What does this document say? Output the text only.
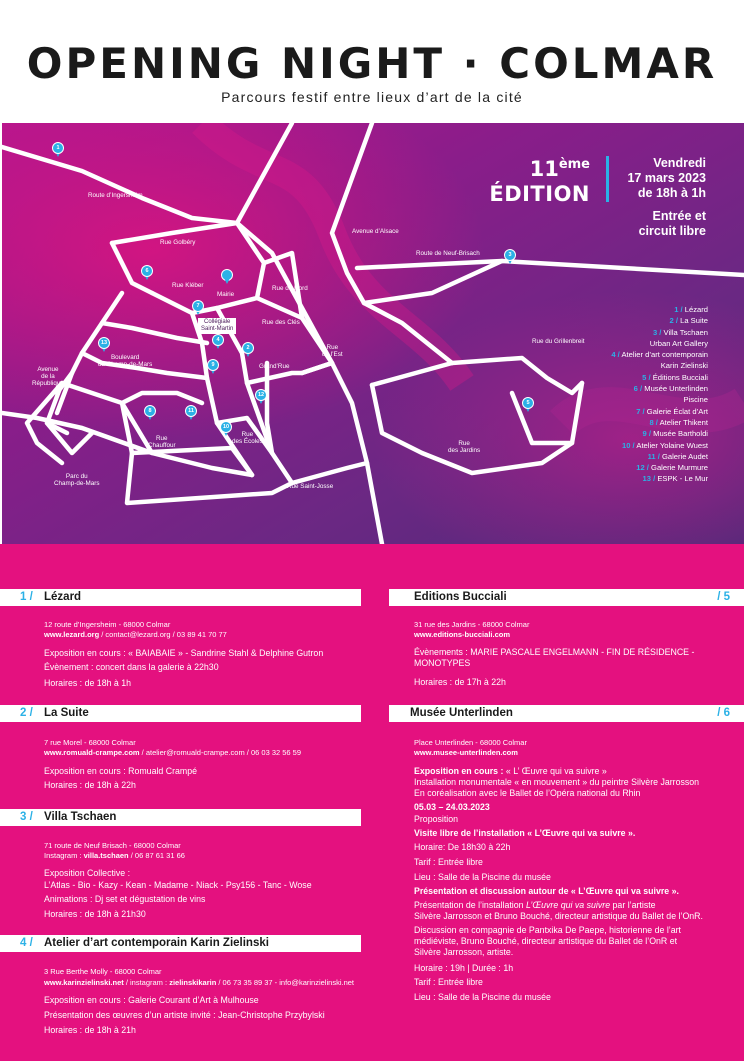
OPENING NIGHT · COLMAR
Parcours festif entre lieux d’art de la cité
11ème
ÉDITION
Vendredi
17 mars 2023
de 18h à 1h
Entrée et
circuit libre
1 / Lézard
2 / La Suite
3 / Villa Tschaen
Urban Art Gallery
4 / Atelier d’art contemporain
Karin Zielinski
5 / Éditions Bucciali
6 / Musée Unterlinden
Piscine
7 / Galerie Éclat d’Art
8 / Atelier Thikent
9 / Musée Bartholdi
10 / Atelier Yolaine Wuest
11 / Galerie Audet
12 / Galerie Murmure
13 / ESPK - Le Mur
Route d’Ingersheim
Rue Golbéry
Avenue d’Alsace
Route de Neuf-Brisach
Rue Kléber	Rue du Nord
Rue des Clés
Rue
de l’Est
Grand’Rue
Rue du Grillenbreit
Boulevard
du Champ-de-Mars
Avenue
de la
République
Rue
Chauffour
Rue
des Écoles
Rue Saint-Josse
Rue
des Jardins
Parc du
Champ-de-Mars
Mairie
Collégiale
Saint-Martin
1
2
3
4
5
6
7
8
9
10
11
12
13
1 / Lézard
12 route d’Ingersheim - 68000 Colmar
www.lezard.org / contact@lezard.org / 03 89 41 70 77
Exposition en cours : « BAIABAIE » - Sandrine Stahl & Delphine Gutron
Évènement : concert dans la galerie à 22h30
Horaires : de 18h à 1h
2 / La Suite
7 rue Morel - 68000 Colmar
www.romuald-crampe.com / atelier@romuald-crampe.com / 06 03 32 56 59
Exposition en cours : Romuald Crampé
Horaires : de 18h à 22h
3 / Villa Tschaen
71 route de Neuf Brisach - 68000 Colmar
Instagram : villa.tschaen / 06 87 61 31 66
Exposition Collective :
L’Atlas - Bio - Kazy - Kean - Madame - Niack - Psy156 - Tanc - Wose
Animations : Dj set et dégustation de vins
Horaires : de 18h à 21h30
4 / Atelier d’art contemporain Karin Zielinski
3 Rue Berthe Molly - 68000 Colmar
www.karinzielinski.net / instagram : zielinskikarin / 06 73 35 89 37 - info@karinzielinski.net
Exposition en cours : Galerie Courant d’Art à Mulhouse
Présentation des œuvres d’un artiste invité : Jean-Christophe Przybylski
Horaires : de 18h à 21h
Editions Bucciali	/ 5
31 rue des Jardins - 68000 Colmar
www.editions-bucciali.com
Évènements : MARIE PASCALE ENGELMANN - FIN DE RÉSIDENCE -
MONOTYPES
Horaires : de 17h à 22h
Musée Unterlinden	/ 6
Place Unterlinden - 68000 Colmar
www.musee-unterlinden.com
Exposition en cours : « L’ Œuvre qui va suivre »
Installation monumentale « en mouvement » du peintre Silvère Jarrosson
En coréalisation avec le Ballet de l’Opéra national du Rhin
05.03 – 24.03.2023
Proposition
Visite libre de l’installation « L’Œuvre qui va suivre ».
Horaire: De 18h30 à 22h
Tarif : Entrée libre
Lieu : Salle de la Piscine du musée
Présentation et discussion autour de « L’Œuvre qui va suivre ».
Présentation de l’installation L’Œuvre qui va suivre par l’artiste
Silvère Jarrosson et Bruno Bouché, directeur artistique du Ballet de l’OnR.
Discussion en compagnie de Pantxika De Paepe, historienne de l’art
médiéviste, Bruno Bouché, directeur artistique du Ballet de l’OnR et
Silvère Jarrosson, artiste.
Horaire : 19h | Durée : 1h
Tarif : Entrée libre
Lieu : Salle de la Piscine du musée
